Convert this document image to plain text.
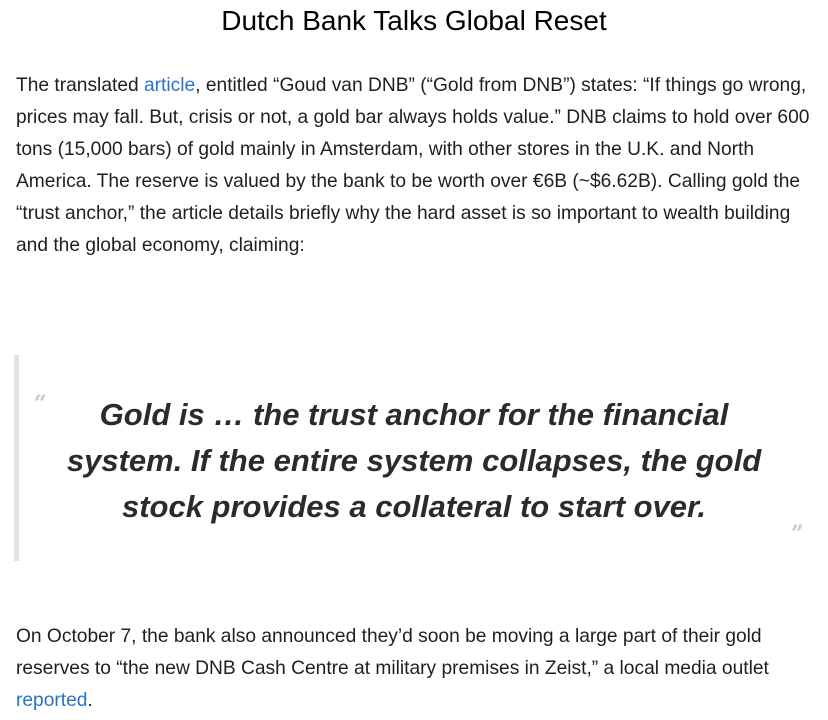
Dutch Bank Talks Global Reset

The translated article, entitled “Goud van DNB” (“Gold from DNB”) states: “If things go wrong, prices may fall. But, crisis or not, a gold bar always holds value.” DNB claims to hold over 600 tons (15,000 bars) of gold mainly in Amsterdam, with other stores in the U.K. and North America. The reserve is valued by the bank to be worth over €6B (~$6.62B). Calling gold the “trust anchor,” the article details briefly why the hard asset is so important to wealth building and the global economy, claiming:

“	Gold is … the trust anchor for the financial system. If the entire system collapses, the gold stock provides a collateral to start over.

”

On October 7, the bank also announced they’d soon be moving a large part of their gold reserves to “the new DNB Cash Centre at military premises in Zeist,” a local media outlet reported.
